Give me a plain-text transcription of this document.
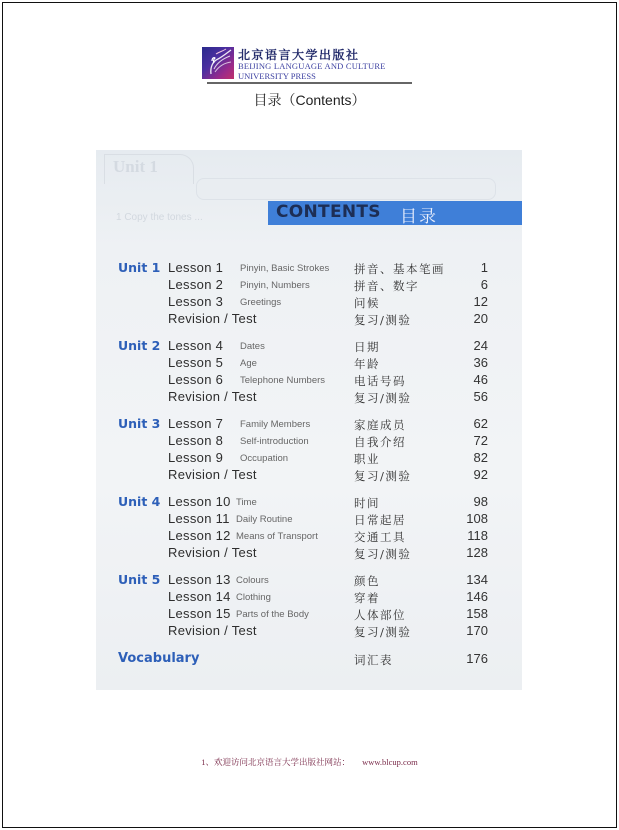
北京语言大学出版社
BEIJING LANGUAGE AND CULTURE
UNIVERSITY PRESS
目录（Contents）
Unit 1
1 Copy the tones ...	CONTENTS 目录
Unit 1 Lesson 1 Pinyin, Basic Strokes 拼音、基本笔画	1
Lesson 2 Pinyin, Numbers	拼音、数字	6
Lesson 3 Greetings	问候	12
Revision / Test	复习/测验	20
Unit 2 Lesson 4 Dates	日期	24
Lesson 5 Age	年龄	36
Lesson 6 Telephone Numbers	电话号码	46
Revision / Test	复习/测验	56
Unit 3 Lesson 7 Family Members	家庭成员	62
Lesson 8 Self-introduction	自我介绍	72
Lesson 9 Occupation	职业	82
Revision / Test	复习/测验	92
Unit 4 Lesson 10 Time	时间	98
Lesson 11 Daily Routine	日常起居	108
Lesson 12 Means of Transport	交通工具	118
Revision / Test	复习/测验	128
Unit 5 Lesson 13 Colours	颜色	134
Lesson 14 Clothing	穿着	146
Lesson 15 Parts of the Body	人体部位	158
Revision / Test	复习/测验	170
Vocabulary	词汇表	176
1、欢迎访问北京语言大学出版社网站： www.blcup.com
